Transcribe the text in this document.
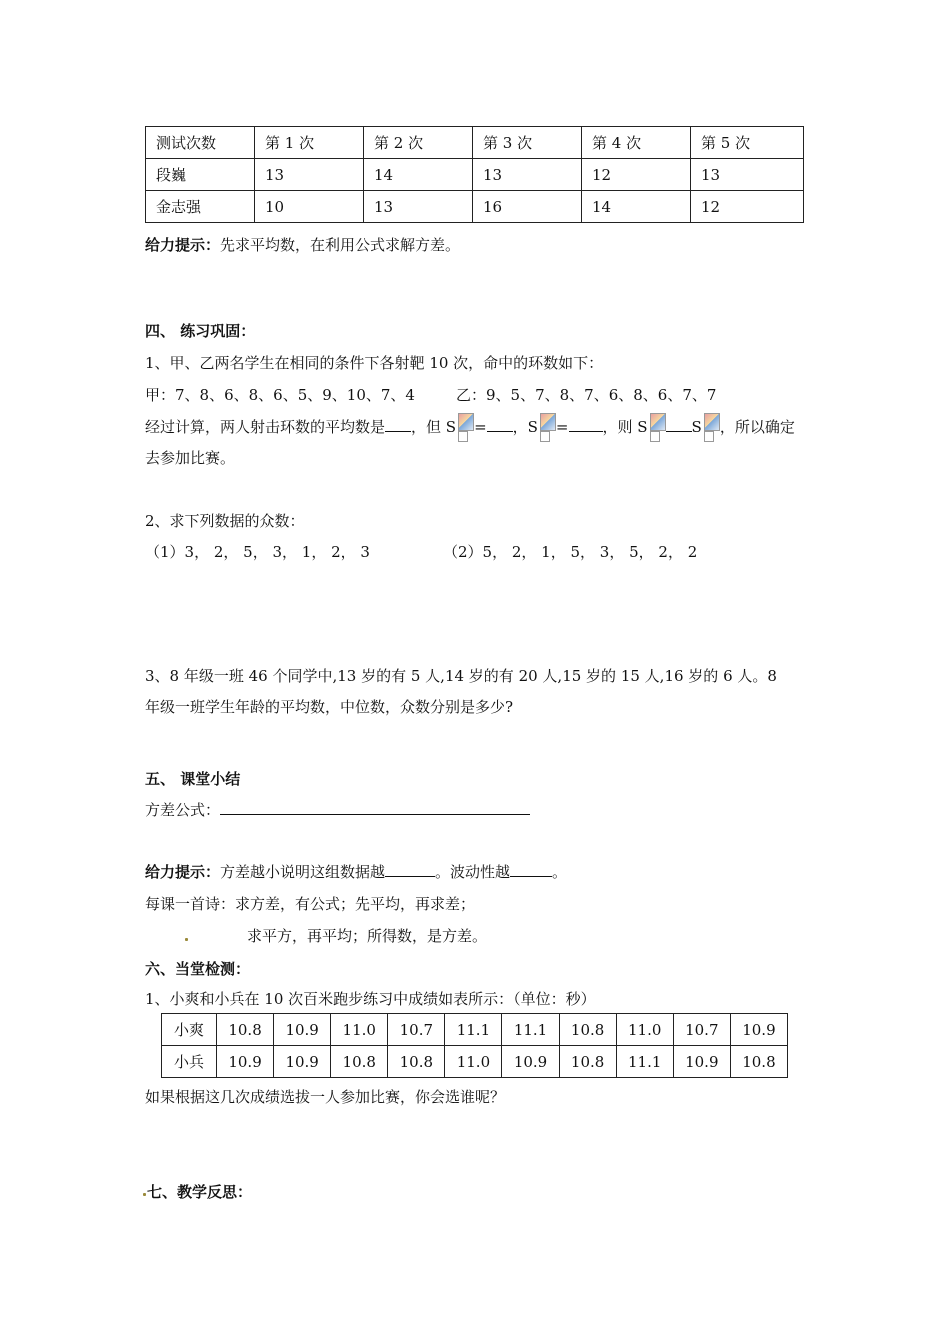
测试次数	第 1 次	第 2 次	第 3 次	第 4 次	第 5 次
段巍	13	14	13	12	13
金志强	10	13	16	14	12
给力提示：先求平均数，在利用公式求解方差。
四、 练习巩固：
1、甲、乙两名学生在相同的条件下各射靶 10 次，命中的环数如下：
甲：7、8、6、8、6、5、9、10、7、4	乙：9、5、7、8、7、6、8、6、7、7
经过计算，两人射击环数的平均数是 ，但 S = ，S = ，则 S	S ，所以确定
去参加比赛。
2、求下列数据的众数：
（1）3， 2， 5， 3， 1， 2， 3	（2）5， 2， 1， 5， 3， 5， 2， 2
3、8 年级一班 46 个同学中,13 岁的有 5 人,14 岁的有 20 人,15 岁的 15 人,16 岁的 6 人。8
年级一班学生年龄的平均数，中位数，众数分别是多少?
五、 课堂小结
方差公式：
给力提示：方差越小说明这组数据越	。波动性越	。
每课一首诗：求方差，有公式；先平均，再求差；
求平方，再平均；所得数，是方差。
六、当堂检测：
1、小爽和小兵在 10 次百米跑步练习中成绩如表所示：（单位：秒）
小爽	10.8	10.9	11.0	10.7	11.1	11.1	10.8	11.0	10.7	10.9
小兵	10.9	10.9	10.8	10.8	11.0	10.9	10.8	11.1	10.9	10.8
如果根据这几次成绩选拔一人参加比赛，你会选谁呢？
七、教学反思：
